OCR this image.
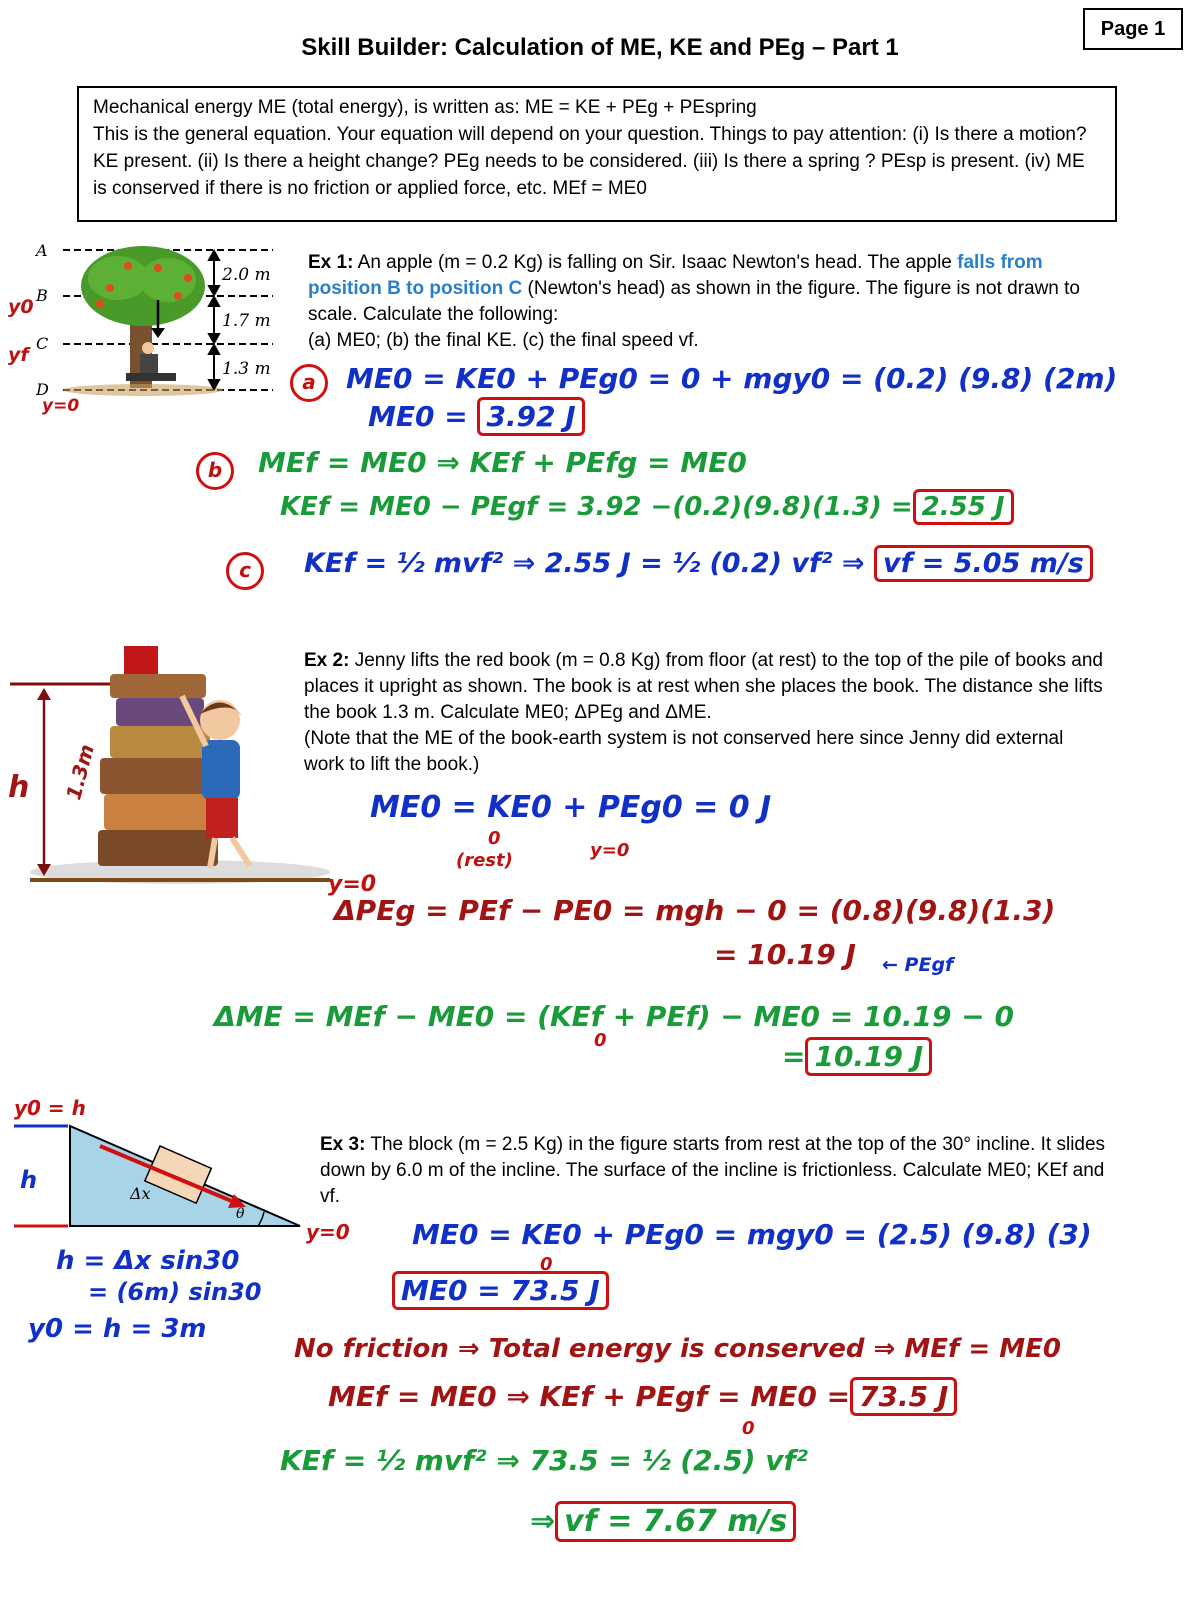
Page 1
Skill Builder: Calculation of ME, KE and PEg – Part 1

Mechanical energy ME (total energy), is written as: ME = KE + PEg + PEspring

This is the general equation. Your equation will depend on your question. Things to pay attention: (i) Is there a motion? KE present. (ii) Is there a height change? PEg needs to be considered. (iii) Is there a spring ? PEsp is present. (iv) ME is conserved if there is no friction or applied force, etc. MEf = ME0

A
B
C
D
2.0 m
1.7 m
1.3 m
y0
yf
y=0
Ex 1: An apple (m = 0.2 Kg) is falling on Sir. Isaac Newton's head. The apple falls from position B to position C (Newton's head) as shown in the figure. The figure is not drawn to scale. Calculate the following:
(a) ME0; (b) the final KE. (c) the final speed vf.
a	ME0 = KE0 + PEg0 = 0 + mgy0 = (0.2) (9.8) (2m)
ME0 = 3.92 J
b	MEf = ME0 ⇒ KEf + PEfg = ME0
KEf = ME0 − PEgf = 3.92 −(0.2)(9.8)(1.3) = 2.55 J
c	KEf = ½ mvf² ⇒ 2.55 J = ½ (0.2) vf² ⇒ vf = 5.05 m/s
h 1.3m
y=0
Ex 2: Jenny lifts the red book (m = 0.8 Kg) from floor (at rest) to the top of the pile of books and places it upright as shown. The book is at rest when she places the book. The distance she lifts the book 1.3 m. Calculate ME0; ΔPEg and ΔME.
(Note that the ME of the book-earth system is not conserved here since Jenny did external work to lift the book.)
ME0 = KE0 + PEg0 = 0 J
0
(rest)	y=0
ΔPEg = PEf − PE0 = mgh − 0 = (0.8)(9.8)(1.3)
= 10.19 J ← PEgf
ΔME = MEf − ME0 = (KEf + PEf) − ME0 = 10.19 − 0
0	= 10.19 J
y0 = h
h	Δx
θ
y=0
h = Δx sin30
= (6m) sin30
y0 = h = 3m
Ex 3: The block (m = 2.5 Kg) in the figure starts from rest at the top of the 30° incline. It slides down by 6.0 m of the incline. The surface of the incline is frictionless. Calculate ME0; KEf and vf.
ME0 = KE0 + PEg0 = mgy0 = (2.5) (9.8) (3)
0
ME0 = 73.5 J
No friction ⇒ Total energy is conserved ⇒ MEf = ME0
MEf = ME0 ⇒ KEf + PEgf = ME0 = 73.5 J
0
KEf = ½ mvf² ⇒ 73.5 = ½ (2.5) vf²
⇒ vf = 7.67 m/s
